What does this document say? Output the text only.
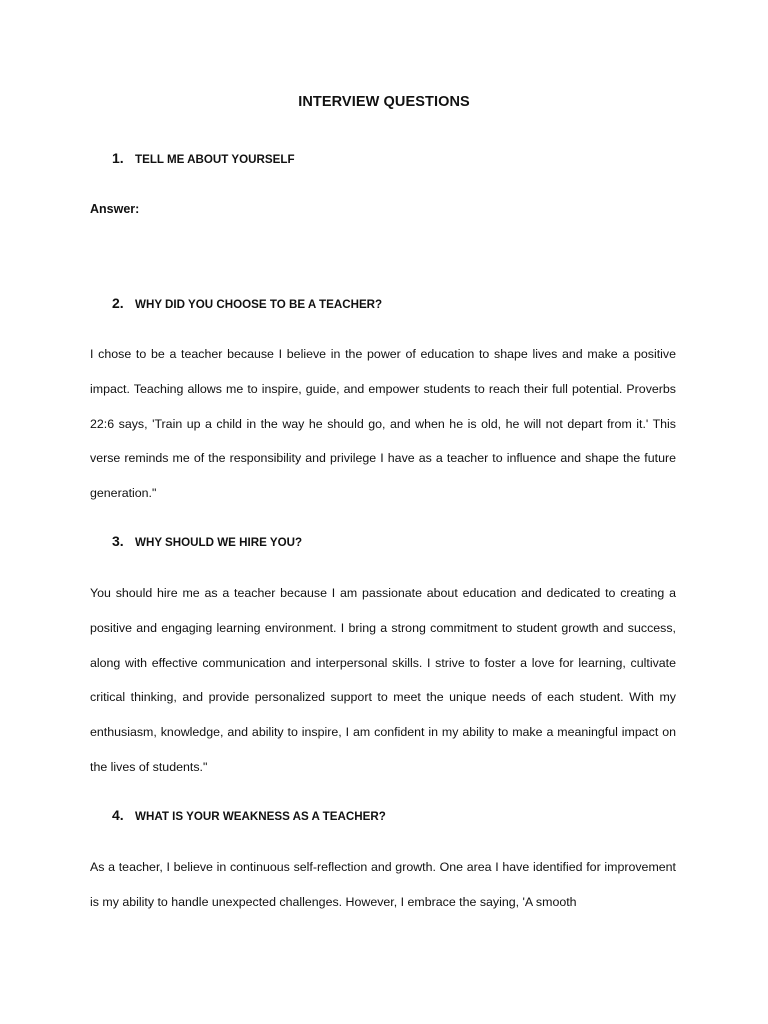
INTERVIEW QUESTIONS
1. TELL ME ABOUT YOURSELF
Answer:
2. WHY DID YOU CHOOSE TO BE A TEACHER?

I chose to be a teacher because I believe in the power of education to shape lives and make a positive impact. Teaching allows me to inspire, guide, and empower students to reach their full potential. Proverbs 22:6 says, 'Train up a child in the way he should go, and when he is old, he will not depart from it.' This verse reminds me of the responsibility and privilege I have as a teacher to influence and shape the future generation."

3. WHY SHOULD WE HIRE YOU?

You should hire me as a teacher because I am passionate about education and dedicated to creating a positive and engaging learning environment. I bring a strong commitment to student growth and success, along with effective communication and interpersonal skills. I strive to foster a love for learning, cultivate critical thinking, and provide personalized support to meet the unique needs of each student. With my enthusiasm, knowledge, and ability to inspire, I am confident in my ability to make a meaningful impact on the lives of students."

4. WHAT IS YOUR WEAKNESS AS A TEACHER?

As a teacher, I believe in continuous self-reflection and growth. One area I have identified for improvement is my ability to handle unexpected challenges. However, I embrace the saying, 'A smooth
